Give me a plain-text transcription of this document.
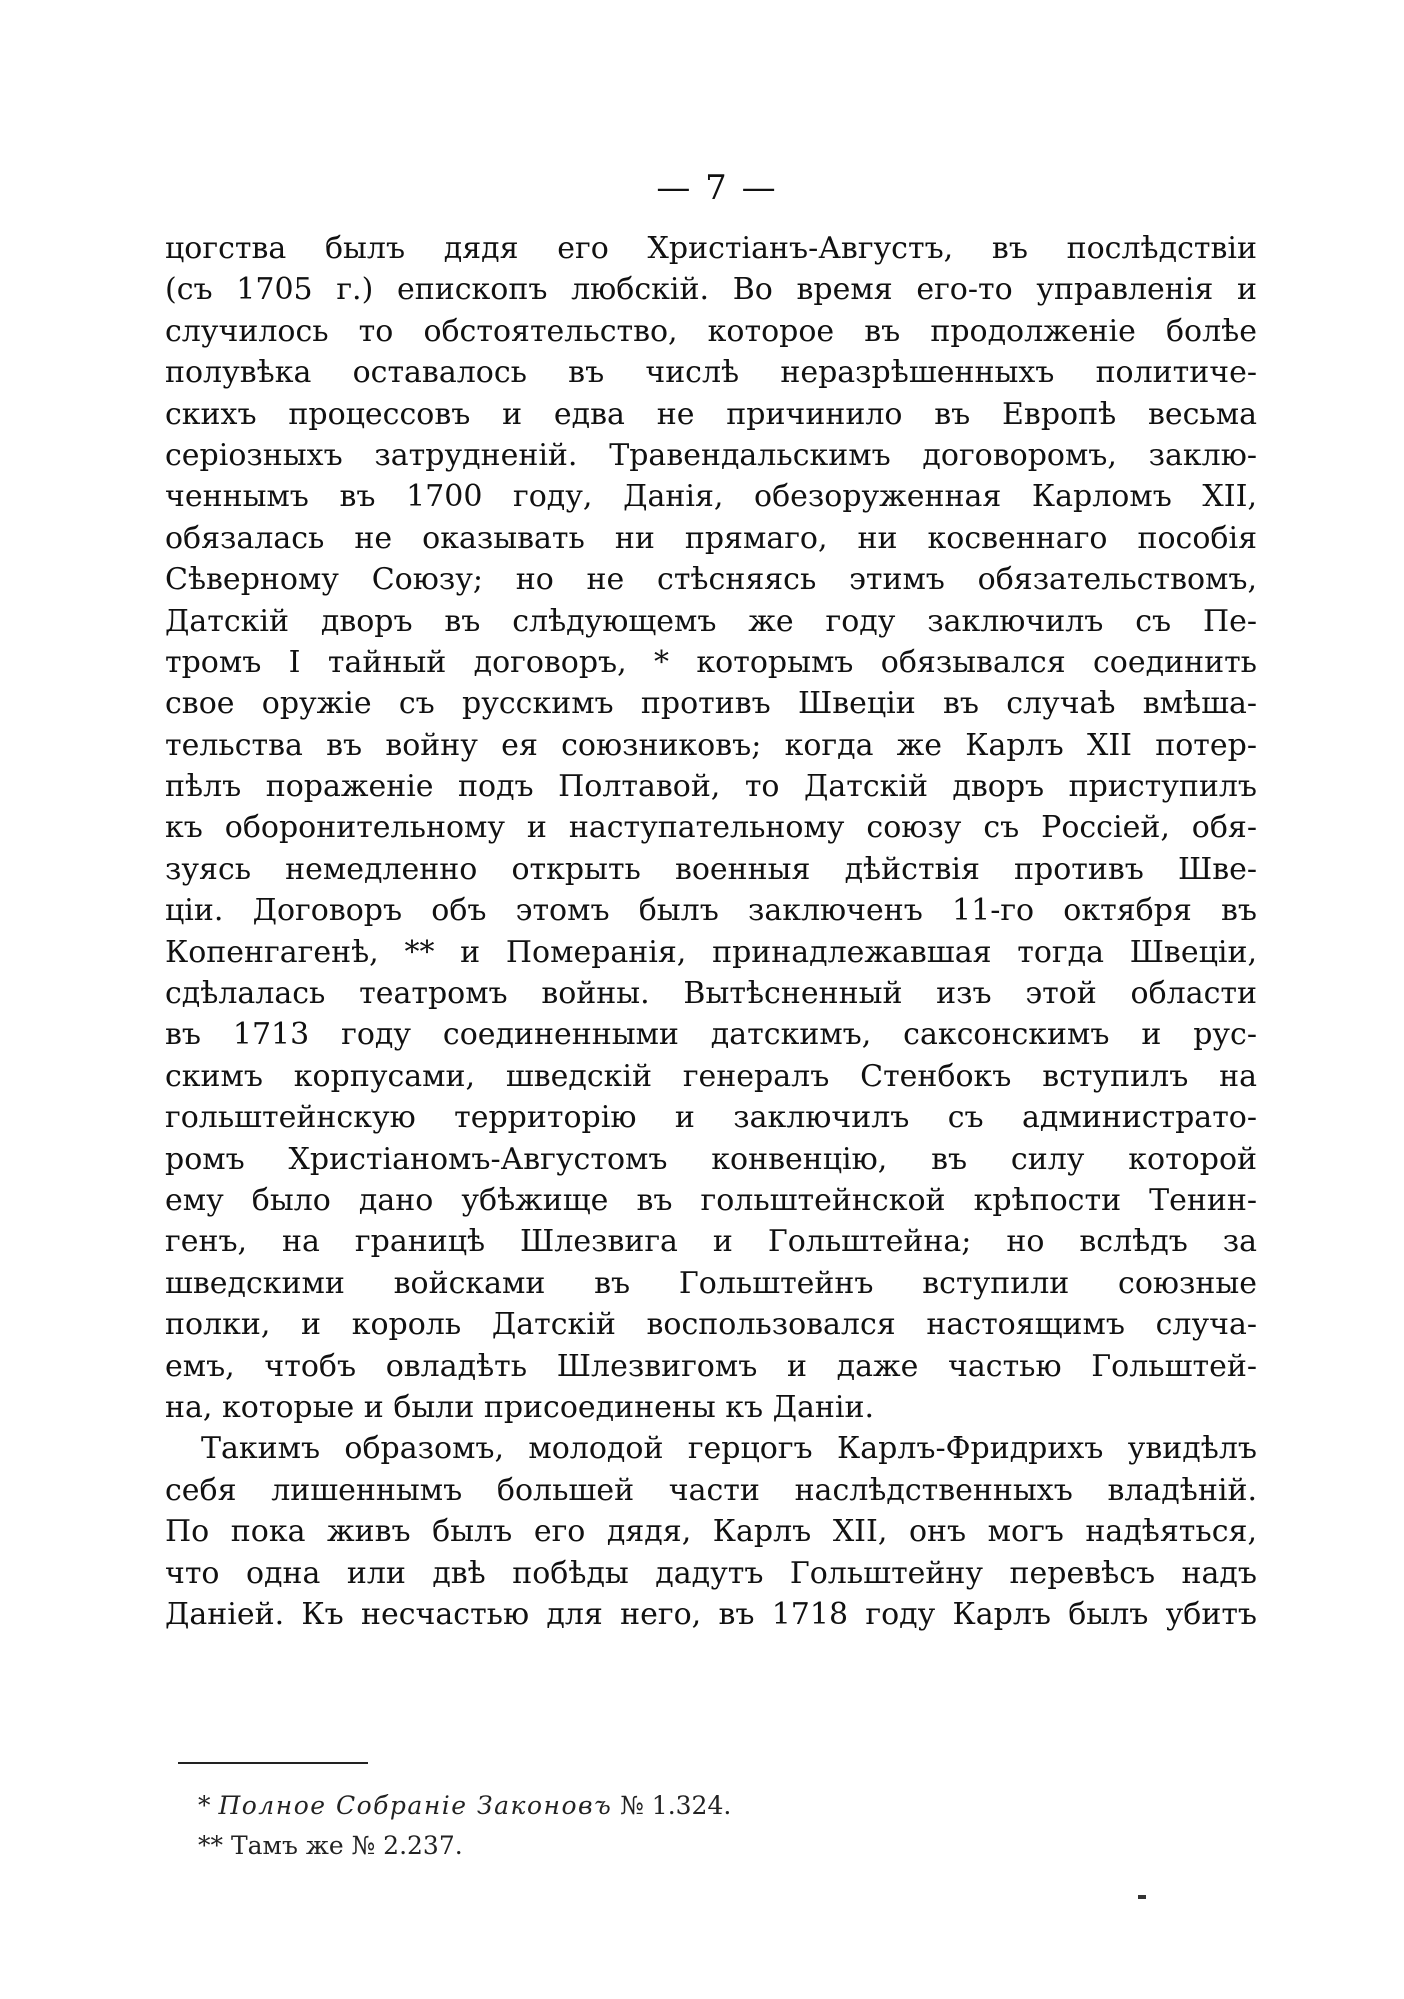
— 7 —
цогства былъ дядя его Христіанъ-Августъ, въ послѣдствіи
(съ 1705 г.) епископъ любскій. Во время его-то управленія и
случилось то обстоятельство, которое въ продолженіе болѣе
полувѣка оставалось въ числѣ неразрѣшенныхъ политиче-
скихъ процессовъ и едва не причинило въ Европѣ весьма
серіозныхъ затрудненій. Травендальскимъ договоромъ, заклю-
ченнымъ въ 1700 году, Данія, обезоруженная Карломъ XII,
обязалась не оказывать ни прямаго, ни косвеннаго пособія
Сѣверному Союзу; но не стѣсняясь этимъ обязательствомъ,
Датскій дворъ въ слѣдующемъ же году заключилъ съ Пе-
тромъ I тайный договоръ, * которымъ обязывался соединить
свое оружіе съ русскимъ противъ Швеціи въ случаѣ вмѣша-
тельства въ войну ея союзниковъ; когда же Карлъ XII потер-
пѣлъ пораженіе подъ Полтавой, то Датскій дворъ приступилъ
къ оборонительному и наступательному союзу съ Россіей, обя-
зуясь немедленно открыть военныя дѣйствія противъ Шве-
ціи. Договоръ объ этомъ былъ заключенъ 11-го октября въ
Копенгагенѣ, ** и Померанія, принадлежавшая тогда Швеціи,
сдѣлалась театромъ войны. Вытѣсненный изъ этой области
въ 1713 году соединенными датскимъ, саксонскимъ и рус-
скимъ корпусами, шведскій генералъ Стенбокъ вступилъ на
гольштейнскую территорію и заключилъ съ администрато-
ромъ Христіаномъ-Августомъ конвенцію, въ силу которой
ему было дано убѣжище въ гольштейнской крѣпости Тенин-
генъ, на границѣ Шлезвига и Гольштейна; но вслѣдъ за
шведскими войсками въ Гольштейнъ вступили союзные
полки, и король Датскій воспользовался настоящимъ случа-
емъ, чтобъ овладѣть Шлезвигомъ и даже частью Гольштей-
на, которые и были присоединены къ Даніи.
Такимъ образомъ, молодой герцогъ Карлъ-Фридрихъ увидѣлъ
себя лишеннымъ большей части наслѣдственныхъ владѣній.
По пока живъ былъ его дядя, Карлъ XII, онъ могъ надѣяться,
что одна или двѣ побѣды дадутъ Гольштейну перевѣсъ надъ
Даніей. Къ несчастью для него, въ 1718 году Карлъ былъ убитъ
* Полное Собраніе Законовъ № 1.324.
** Тамъ же № 2.237.
